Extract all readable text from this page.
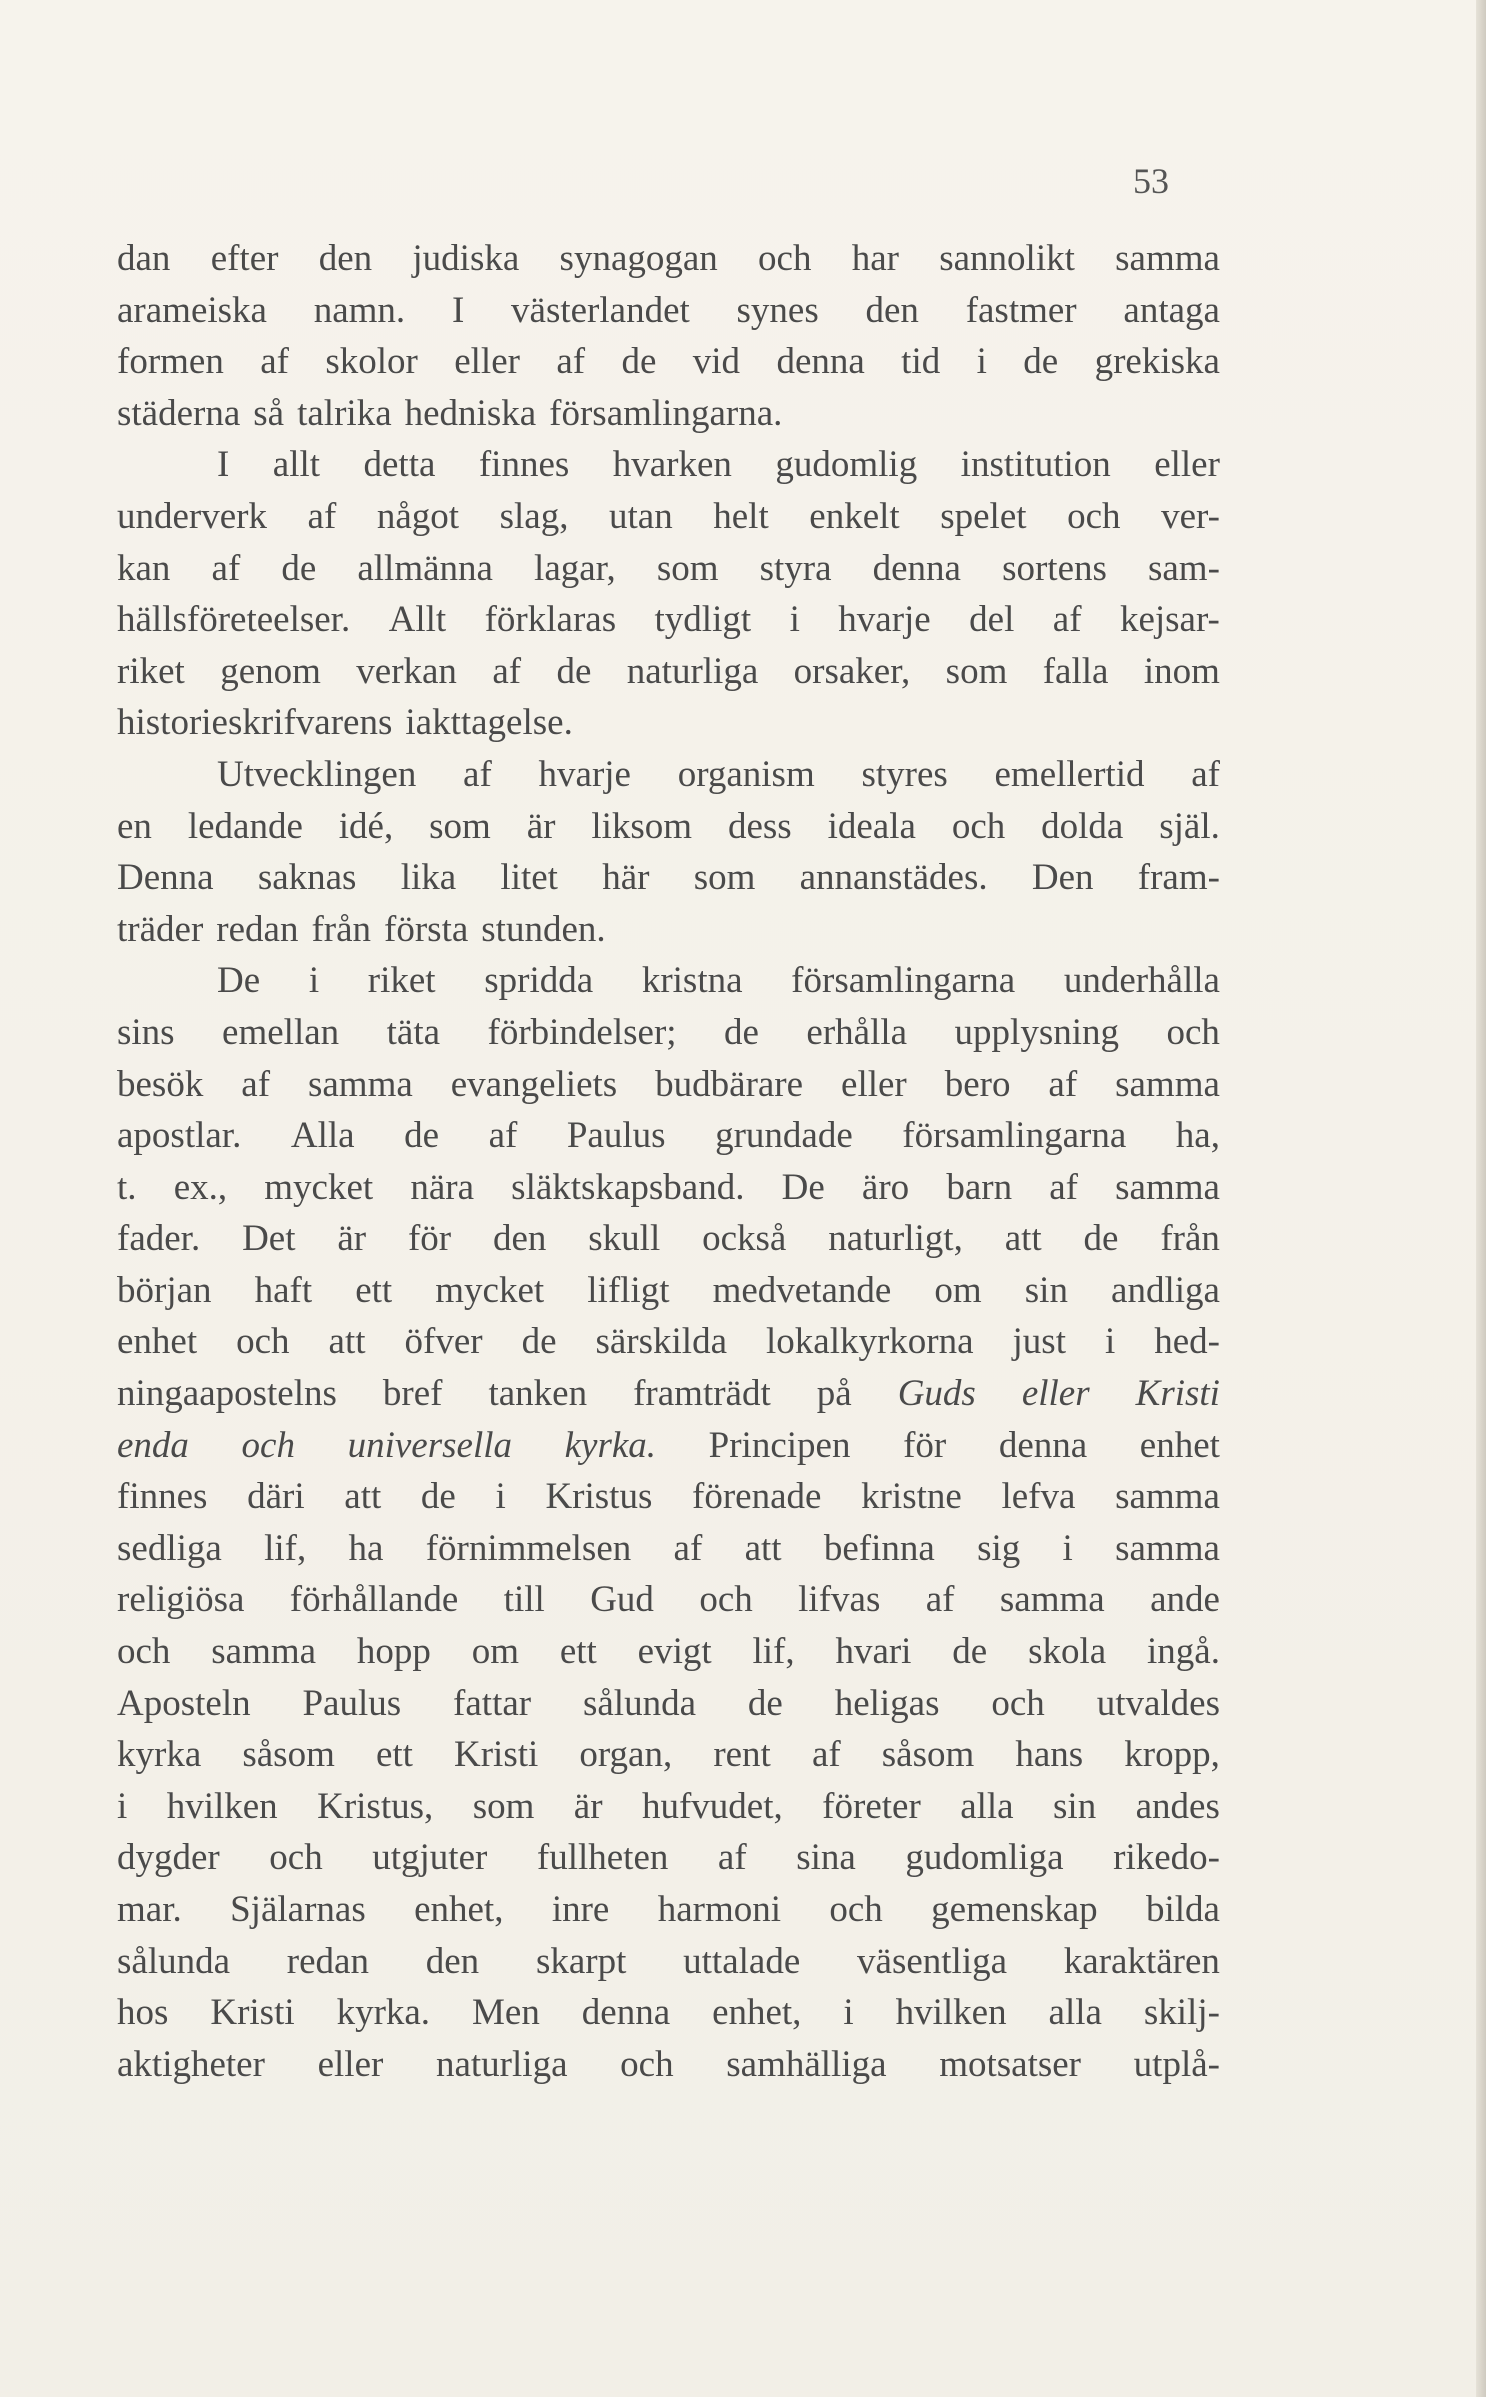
53
dan efter den judiska synagogan och har sannolikt samma
arameiska namn. I västerlandet synes den fastmer antaga
formen af skolor eller af de vid denna tid i de grekiska
städerna så talrika hedniska församlingarna.
I allt detta finnes hvarken gudomlig institution eller
underverk af något slag, utan helt enkelt spelet och ver-
kan af de allmänna lagar, som styra denna sortens sam-
hällsföreteelser. Allt förklaras tydligt i hvarje del af kejsar-
riket genom verkan af de naturliga orsaker, som falla inom
historieskrifvarens iakttagelse.
Utvecklingen af hvarje organism styres emellertid af
en ledande idé, som är liksom dess ideala och dolda själ.
Denna saknas lika litet här som annanstädes. Den fram-
träder redan från första stunden.
De i riket spridda kristna församlingarna underhålla
sins emellan täta förbindelser; de erhålla upplysning och
besök af samma evangeliets budbärare eller bero af samma
apostlar. Alla de af Paulus grundade församlingarna ha,
t. ex., mycket nära släktskapsband. De äro barn af samma
fader. Det är för den skull också naturligt, att de från
början haft ett mycket lifligt medvetande om sin andliga
enhet och att öfver de särskilda lokalkyrkorna just i hed-
ningaapostelns bref tanken framträdt på Guds eller Kristi
enda och universella kyrka. Principen för denna enhet
finnes däri att de i Kristus förenade kristne lefva samma
sedliga lif, ha förnimmelsen af att befinna sig i samma
religiösa förhållande till Gud och lifvas af samma ande
och samma hopp om ett evigt lif, hvari de skola ingå.
Aposteln Paulus fattar sålunda de heligas och utvaldes
kyrka såsom ett Kristi organ, rent af såsom hans kropp,
i hvilken Kristus, som är hufvudet, företer alla sin andes
dygder och utgjuter fullheten af sina gudomliga rikedo-
mar. Själarnas enhet, inre harmoni och gemenskap bilda
sålunda redan den skarpt uttalade väsentliga karaktären
hos Kristi kyrka. Men denna enhet, i hvilken alla skilj-
aktigheter eller naturliga och samhälliga motsatser utplå-
